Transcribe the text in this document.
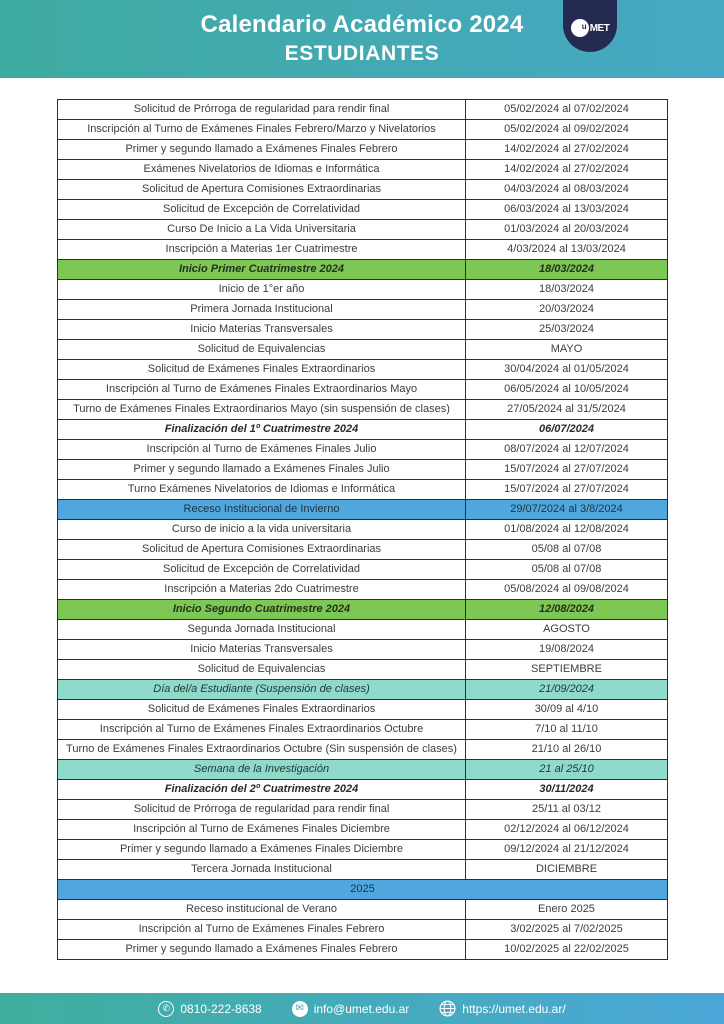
Calendario Académico 2024
ESTUDIANTES
u MET
Solicitud de Prórroga de regularidad para rendir final	05/02/2024 al 07/02/2024
Inscripción al Turno de Exámenes Finales Febrero/Marzo y Nivelatorios	05/02/2024 al 09/02/2024
Primer y segundo llamado a Exámenes Finales Febrero	14/02/2024 al 27/02/2024
Exámenes Nivelatorios de Idiomas e Informática	14/02/2024 al 27/02/2024
Solicitud de Apertura Comisiones Extraordinarias	04/03/2024 al 08/03/2024
Solicitud de Excepción de Correlatividad	06/03/2024 al 13/03/2024
Curso De Inicio a La Vida Universitaria	01/03/2024 al 20/03/2024
Inscripción a Materias 1er Cuatrimestre	4/03/2024 al 13/03/2024
Inicio Primer Cuatrimestre 2024	18/03/2024
Inicio de 1°er año	18/03/2024
Primera Jornada Institucional	20/03/2024
Inicio Materias Transversales	25/03/2024
Solicitud de Equivalencias	MAYO
Solicitud de Exámenes Finales Extraordinarios	30/04/2024 al 01/05/2024
Inscripción al Turno de Exámenes Finales Extraordinarios Mayo	06/05/2024 al 10/05/2024
Turno de Exámenes Finales Extraordinarios Mayo (sin suspensión de clases)	27/05/2024 al 31/5/2024
Finalización del 1º Cuatrimestre 2024	06/07/2024
Inscripción al Turno de Exámenes Finales Julio	08/07/2024 al 12/07/2024
Primer y segundo llamado a Exámenes Finales Julio	15/07/2024 al 27/07/2024
Turno Exámenes Nivelatorios de Idiomas e Informática	15/07/2024 al 27/07/2024
Receso Institucional de Invierno	29/07/2024 al 3/8/2024
Curso de inicio a la vida universitaria	01/08/2024 al 12/08/2024
Solicitud de Apertura Comisiones Extraordinarias	05/08 al 07/08
Solicitud de Excepción de Correlatividad	05/08 al 07/08
Inscripción a Materias 2do Cuatrimestre	05/08/2024 al 09/08/2024
Inicio Segundo Cuatrimestre 2024	12/08/2024
Segunda Jornada Institucional	AGOSTO
Inicio Materias Transversales	19/08/2024
Solicitud de Equivalencias	SEPTIEMBRE
Día del/a Estudiante (Suspensión de clases)	21/09/2024
Solicitud de Exámenes Finales Extraordinarios	30/09 al 4/10
Inscripción al Turno de Exámenes Finales Extraordinarios Octubre	7/10 al 11/10
Turno de Exámenes Finales Extraordinarios Octubre (Sin suspensión de clases)	21/10 al 26/10
Semana de la Investigación	21 al 25/10
Finalización del 2º Cuatrimestre 2024	30/11/2024
Solicitud de Prórroga de regularidad para rendir final	25/11 al 03/12
Inscripción al Turno de Exámenes Finales Diciembre	02/12/2024 al 06/12/2024
Primer y segundo llamado a Exámenes Finales Diciembre	09/12/2024 al 21/12/2024
Tercera Jornada Institucional	DICIEMBRE
2025	
Receso institucional de Verano	Enero 2025
Inscripción al Turno de Exámenes Finales Febrero	3/02/2025 al 7/02/2025
Primer y segundo llamado a Exámenes Finales Febrero	10/02/2025 al 22/02/2025
✆ 0810-222-8638	✉ info@umet.edu.ar	https://umet.edu.ar/
